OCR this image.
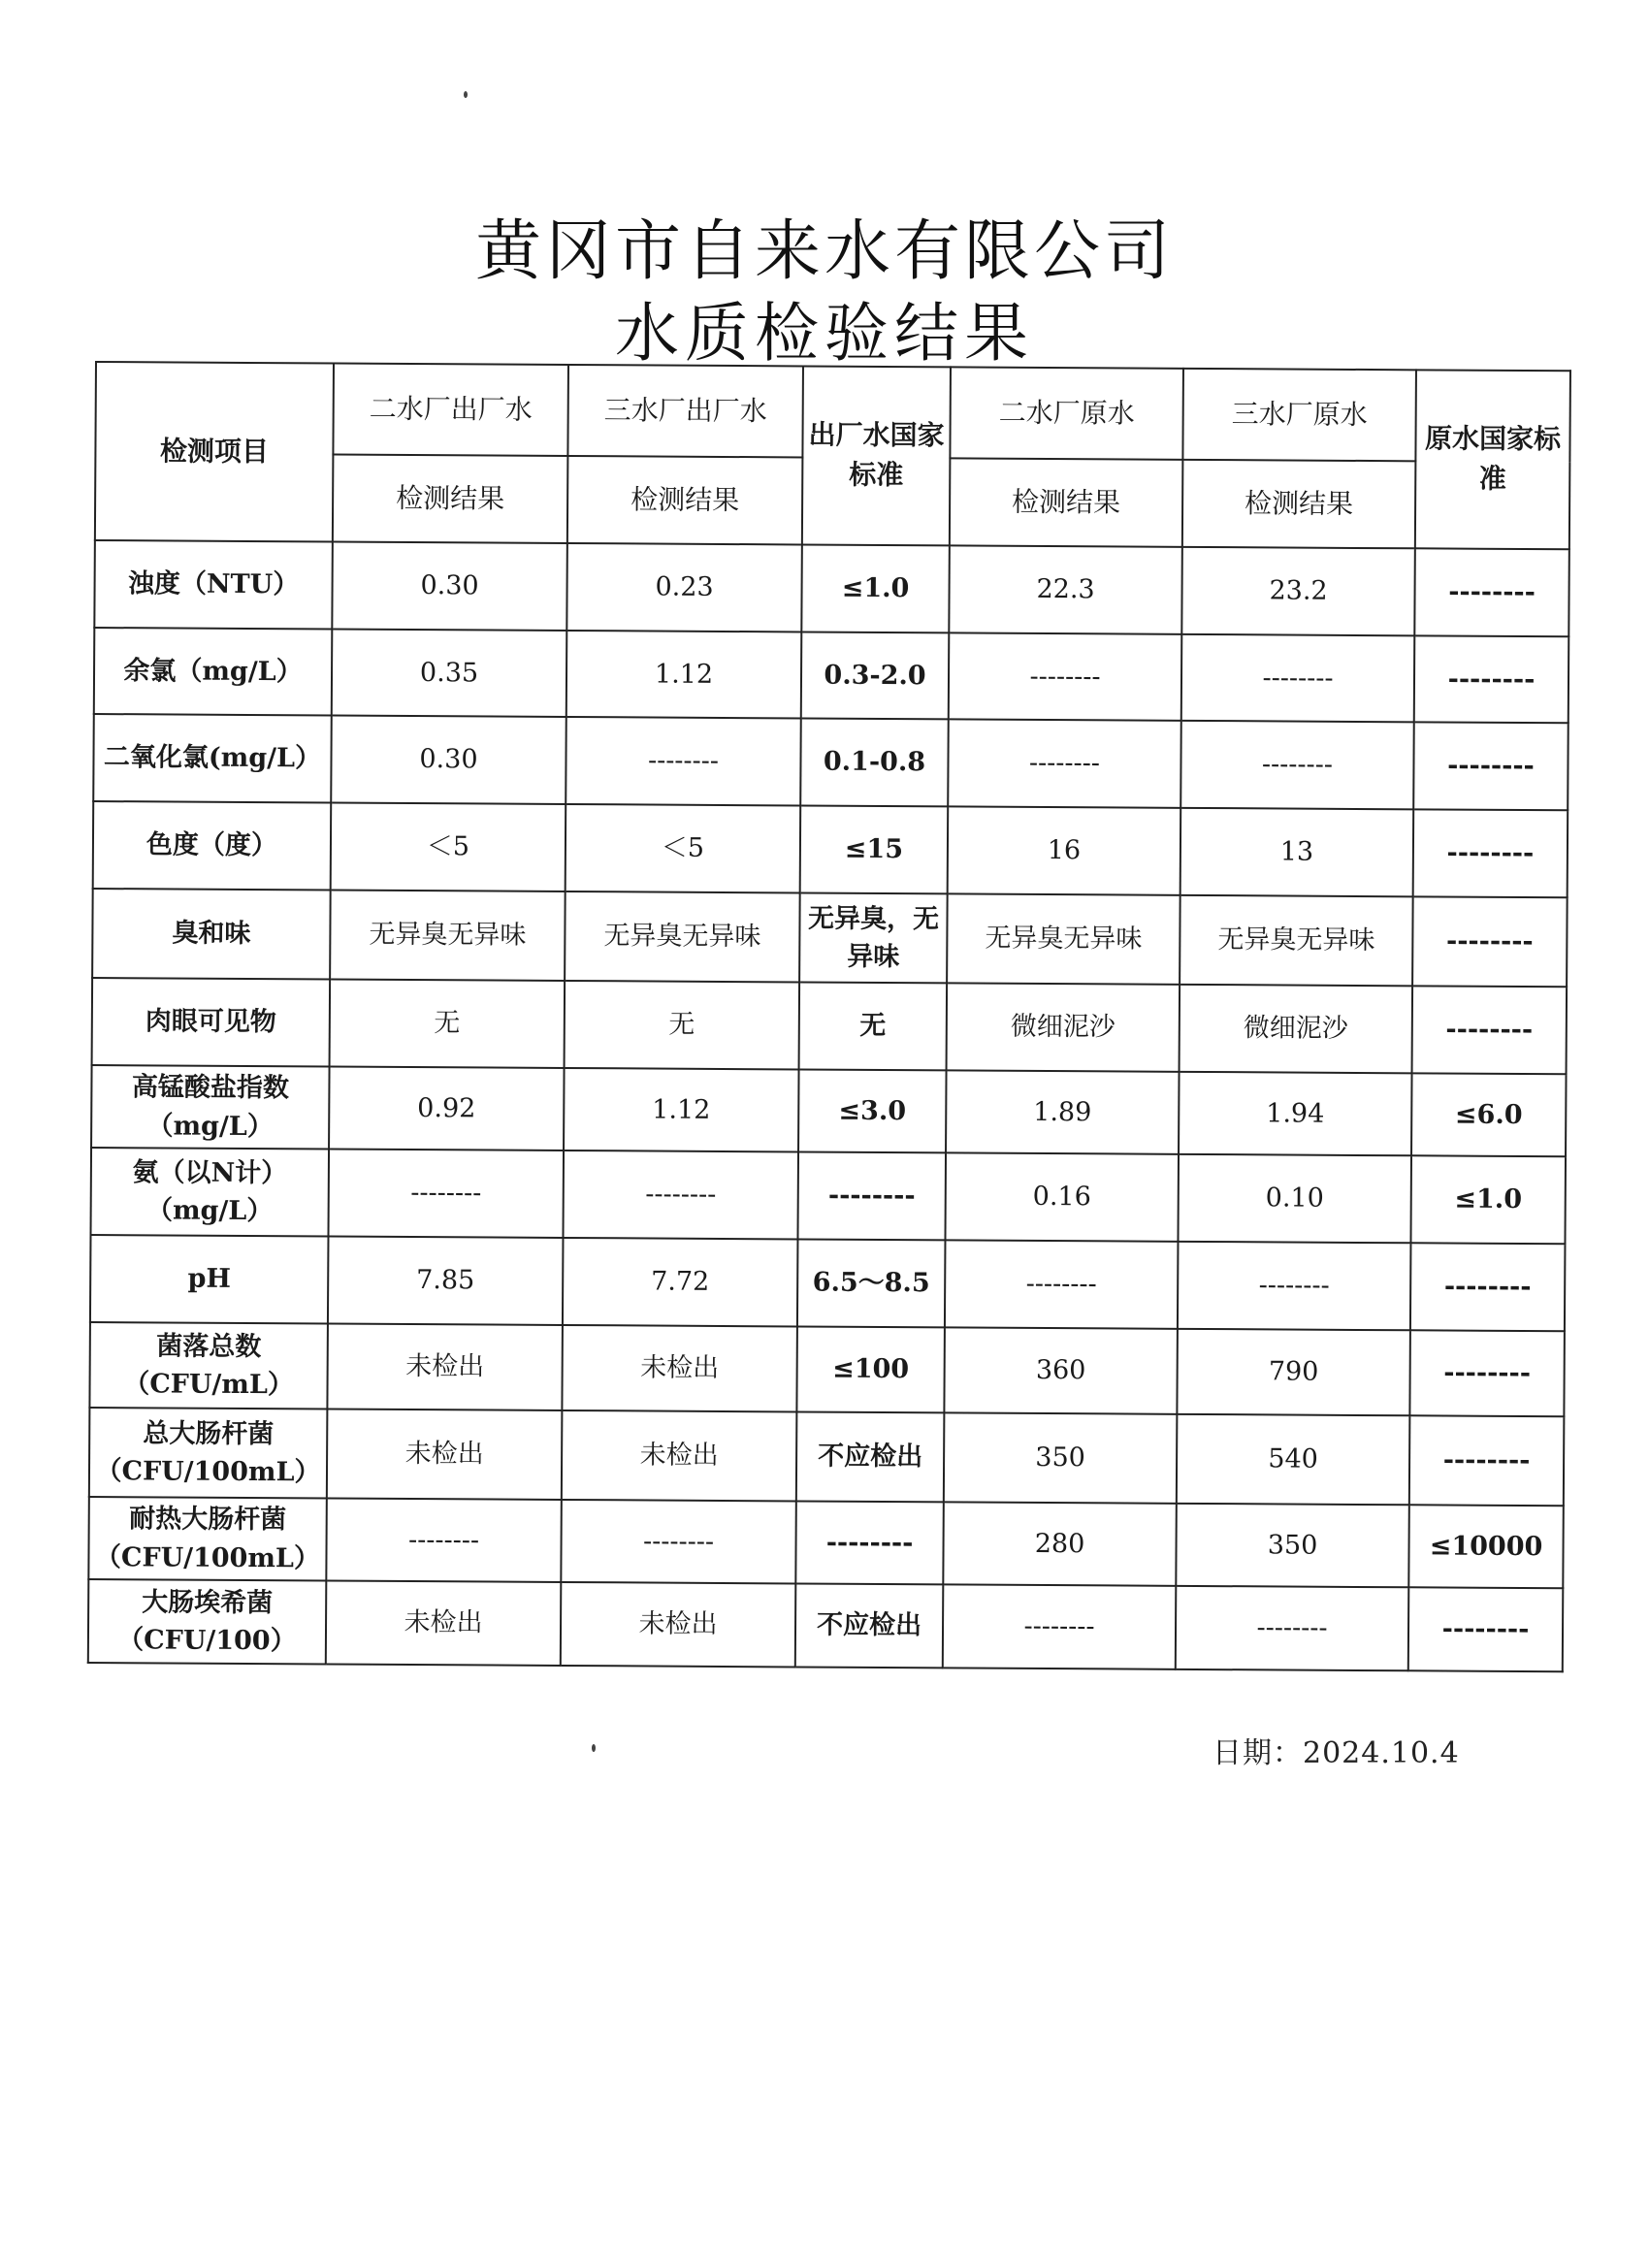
黄冈市自来水有限公司
水质检验结果
检测项目	二水厂出厂水	三水厂出厂水	出厂水国家标准	二水厂原水	三水厂原水	原水国家标准
	检测结果	检测结果		检测结果	检测结果	
浊度（NTU）	0.30	0.23	≤1.0	22.3	23.2	--------
余氯（mg/L）	0.35	1.12	0.3-2.0	--------	--------	--------
二氧化氯(mg/L）	0.30	--------	0.1-0.8	--------	--------	--------
色度（度）	＜5	＜5	≤15	16	13	--------
臭和味	无异臭无异味	无异臭无异味	无异臭，无异味	无异臭无异味	无异臭无异味	--------
肉眼可见物	无	无	无	微细泥沙	微细泥沙	--------
高锰酸盐指数（mg/L）	0.92	1.12	≤3.0	1.89	1.94	≤6.0
氨（以N计）（mg/L）	--------	--------	--------	0.16	0.10	≤1.0
pH	7.85	7.72	6.5～8.5	--------	--------	--------
菌落总数（CFU/mL）	未检出	未检出	≤100	360	790	--------
总大肠杆菌（CFU/100mL）	未检出	未检出	不应检出	350	540	--------
耐热大肠杆菌（CFU/100mL）	--------	--------	--------	280	350	≤10000
大肠埃希菌（CFU/100）	未检出	未检出	不应检出	--------	--------	--------
日期：2024.10.4
